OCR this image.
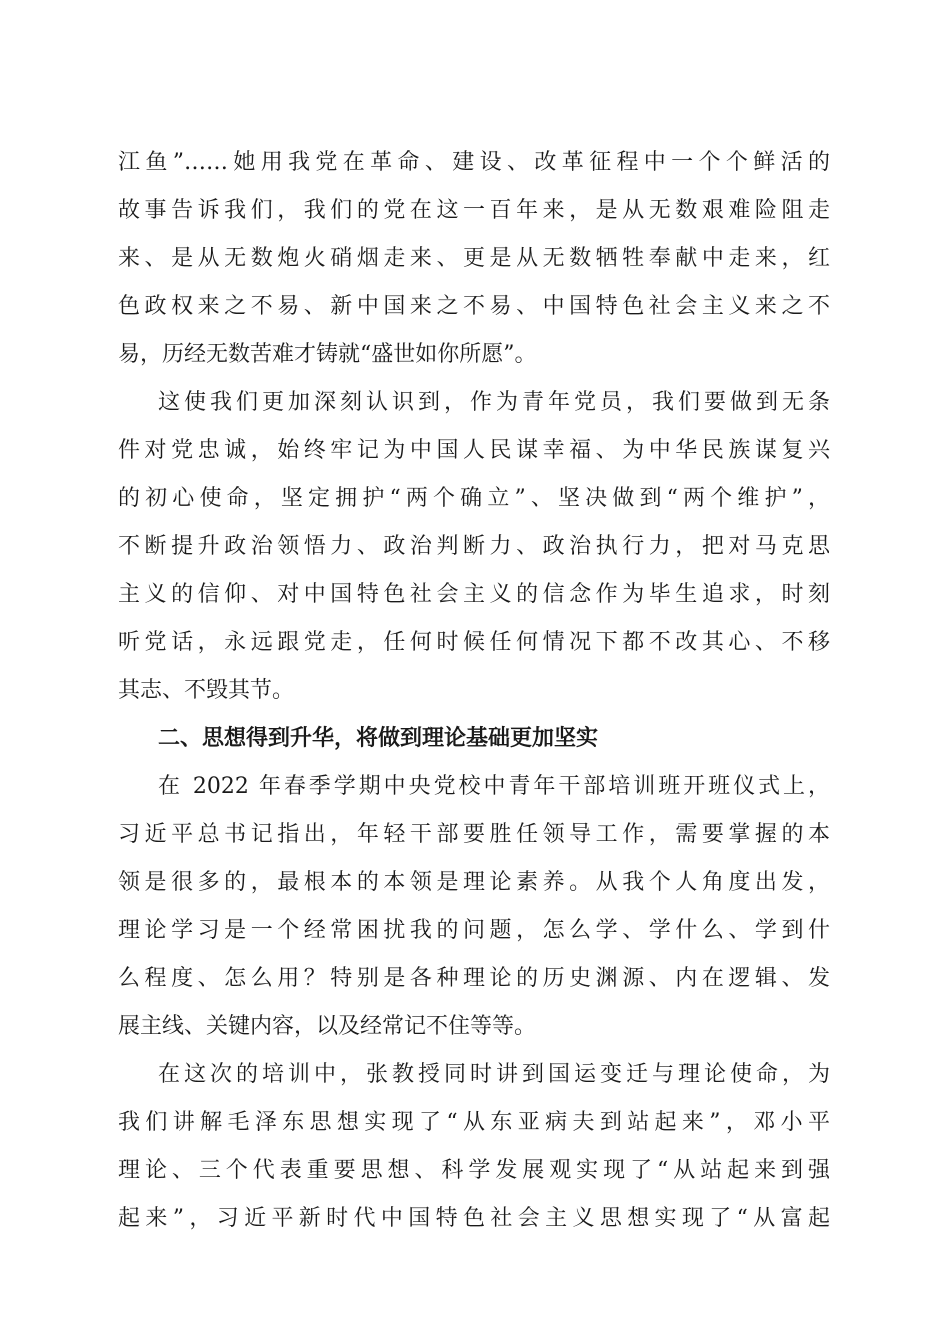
江鱼”……她用我党在革命、建设、改革征程中一个个鲜活的
故事告诉我们，我们的党在这一百年来，是从无数艰难险阻走
来、是从无数炮火硝烟走来、更是从无数牺牲奉献中走来，红
色政权来之不易、新中国来之不易、中国特色社会主义来之不
易，历经无数苦难才铸就“盛世如你所愿”。
这使我们更加深刻认识到，作为青年党员，我们要做到无条
件对党忠诚，始终牢记为中国人民谋幸福、为中华民族谋复兴
的初心使命，坚定拥护“两个确立”、坚决做到“两个维护”，
不断提升政治领悟力、政治判断力、政治执行力，把对马克思
主义的信仰、对中国特色社会主义的信念作为毕生追求，时刻
听党话，永远跟党走，任何时候任何情况下都不改其心、不移
其志、不毁其节。
二、思想得到升华，将做到理论基础更加坚实
在 2022 年春季学期中央党校中青年干部培训班开班仪式上，
习近平总书记指出，年轻干部要胜任领导工作，需要掌握的本
领是很多的，最根本的本领是理论素养。从我个人角度出发，
理论学习是一个经常困扰我的问题，怎么学、学什么、学到什
么程度、怎么用？特别是各种理论的历史渊源、内在逻辑、发
展主线、关键内容，以及经常记不住等等。
在这次的培训中，张教授同时讲到国运变迁与理论使命，为
我们讲解毛泽东思想实现了“从东亚病夫到站起来”，邓小平
理论、三个代表重要思想、科学发展观实现了“从站起来到强
起来”，习近平新时代中国特色社会主义思想实现了“从富起
